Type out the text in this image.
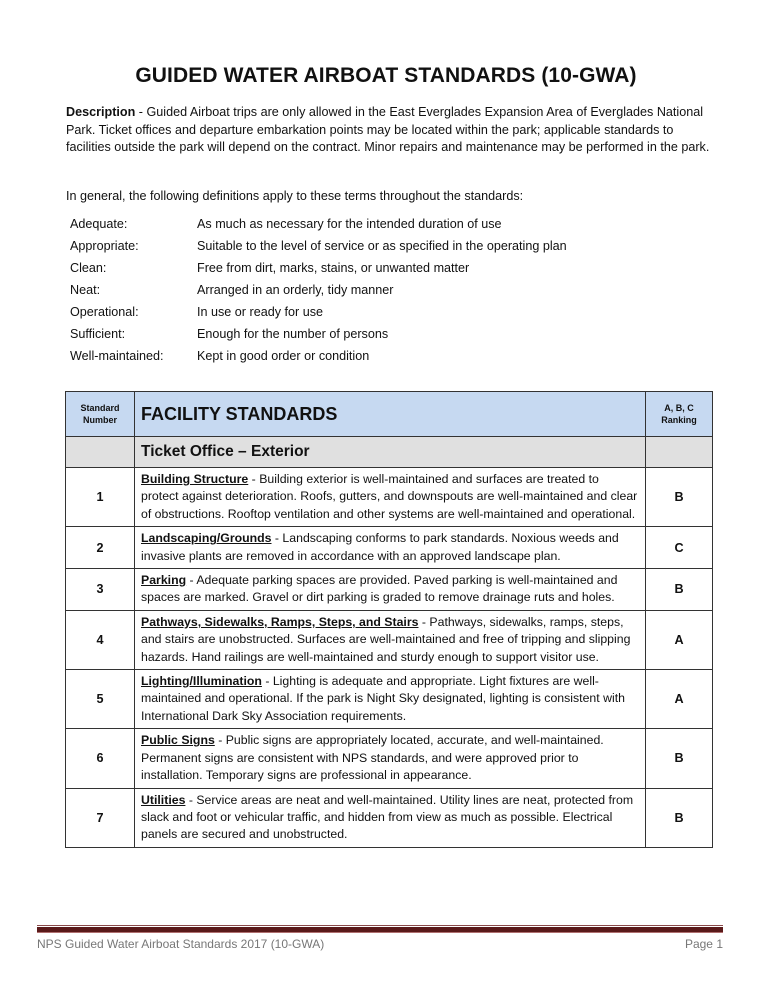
GUIDED WATER AIRBOAT STANDARDS (10-GWA)
Description - Guided Airboat trips are only allowed in the East Everglades Expansion Area of Everglades National Park. Ticket offices and departure embarkation points may be located within the park; applicable standards to facilities outside the park will depend on the contract. Minor repairs and maintenance may be performed in the park.
In general, the following definitions apply to these terms throughout the standards:
Adequate:	As much as necessary for the intended duration of use
Appropriate:	Suitable to the level of service or as specified in the operating plan
Clean:	Free from dirt, marks, stains, or unwanted matter
Neat:	Arranged in an orderly, tidy manner
Operational:	In use or ready for use
Sufficient:	Enough for the number of persons
Well-maintained:	Kept in good order or condition
Standard Number	FACILITY STANDARDS	A, B, C Ranking
	Ticket Office – Exterior	
1	Building Structure - Building exterior is well-maintained and surfaces are treated to protect against deterioration. Roofs, gutters, and downspouts are well-maintained and clear of obstructions. Rooftop ventilation and other systems are well-maintained and operational.	B
2	Landscaping/Grounds - Landscaping conforms to park standards. Noxious weeds and invasive plants are removed in accordance with an approved landscape plan.	C
3	Parking - Adequate parking spaces are provided. Paved parking is well-maintained and spaces are marked. Gravel or dirt parking is graded to remove drainage ruts and holes.	B
4	Pathways, Sidewalks, Ramps, Steps, and Stairs - Pathways, sidewalks, ramps, steps, and stairs are unobstructed. Surfaces are well-maintained and free of tripping and slipping hazards. Hand railings are well-maintained and sturdy enough to support visitor use.	A
5	Lighting/Illumination - Lighting is adequate and appropriate. Light fixtures are well-maintained and operational. If the park is Night Sky designated, lighting is consistent with International Dark Sky Association requirements.	A
6	Public Signs - Public signs are appropriately located, accurate, and well-maintained. Permanent signs are consistent with NPS standards, and were approved prior to installation. Temporary signs are professional in appearance.	B
7	Utilities - Service areas are neat and well-maintained. Utility lines are neat, protected from slack and foot or vehicular traffic, and hidden from view as much as possible. Electrical panels are secured and unobstructed.	B
NPS Guided Water Airboat Standards 2017 (10-GWA)	Page 1
